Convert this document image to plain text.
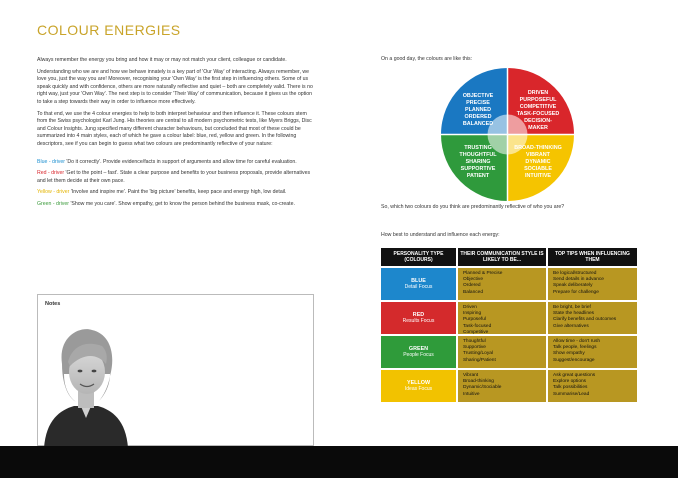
COLOUR ENERGIES

Always remember the energy you bring and how it may or may not match your client, colleague or candidate.

Understanding who we are and how we behave innately is a key part of 'Our Way' of interacting. Always remember, we love you, just the way you are! Moreover, recognising your 'Own Way' is the first step in influencing others. Some of us speak quickly and with confidence, others are more naturally reflective and quiet – both are completely valid. There is no right way, just your 'Own Way'. The next step is to consider 'Their Way' of communication, because it gives us the option to take a step towards their way in order to influence more effectively.

To that end, we use the 4 colour energies to help to both interpret behaviour and then influence it. These colours stem from the Swiss psychologist Karl Jung. His theories are central to all modern psychometric tests, like Myers Briggs, Disc and Colour Insights. Jung specified many different character behaviours, but concluded that most of these could be summarized into 4 main styles, each of which he gave a colour label: blue, red, yellow and green. In the following descriptors, see if you can begin to guess what two colours are predominantly reflective of your nature:

Blue - driver 'Do it correctly'. Provide evidence/facts in support of arguments and allow time for careful evaluation.

Red - driver 'Get to the point – fast'. State a clear purpose and benefits to your business proposals, provide alternatives and let them decide at their own pace.

Yellow - driver 'Involve and inspire me'. Paint the 'big picture' benefits, keep pace and energy high, low detail.

Green - driver 'Show me you care'. Show empathy, get to know the person behind the business mask, co-create.

Notes
On a good day, the colours are like this:
OBJECTIVE
PRECISE
PLANNED
ORDERED
BALANCED
DRIVEN
PURPOSEFUL
COMPETITIVE
TASK-FOCUSED
DECISION-
MAKER
TRUSTING
THOUGHTFUL
SHARING
SUPPORTIVE
PATIENT
BROAD-THINKING
VIBRANT
DYNAMIC
SOCIABLE
INTUITIVE
So, which two colours do you think are predominantly reflective of who you are?
How best to understand and influence each energy:
PERSONALITY TYPE (COLOURS)
THEIR COMMUNICATION STYLE IS LIKELY TO BE...
TOP TIPS WHEN INFLUENCING THEM
BLUE
Detail Focus
Planned & Precise
Objective
Ordered
Balanced
Be logical/structured
Send details in advance
Speak deliberately
Prepare for challenge
RED
Results Focus
Driven
Inspiring
Purposeful
Task-focused
Competitive
Be bright, be brief
State the headlines
Clarify benefits and outcomes
Give alternatives
GREEN
People Focus
Thoughtful
Supportive
Trusting/Loyal
Sharing/Patient
Allow time - don't rush
Talk people, feelings
Show empathy
Suggest/encourage
YELLOW
Ideas Focus
Vibrant
Broad-thinking
Dynamic/Sociable
Intuitive
Ask great questions
Explore options
Talk possibilities
Summarise/Lead
